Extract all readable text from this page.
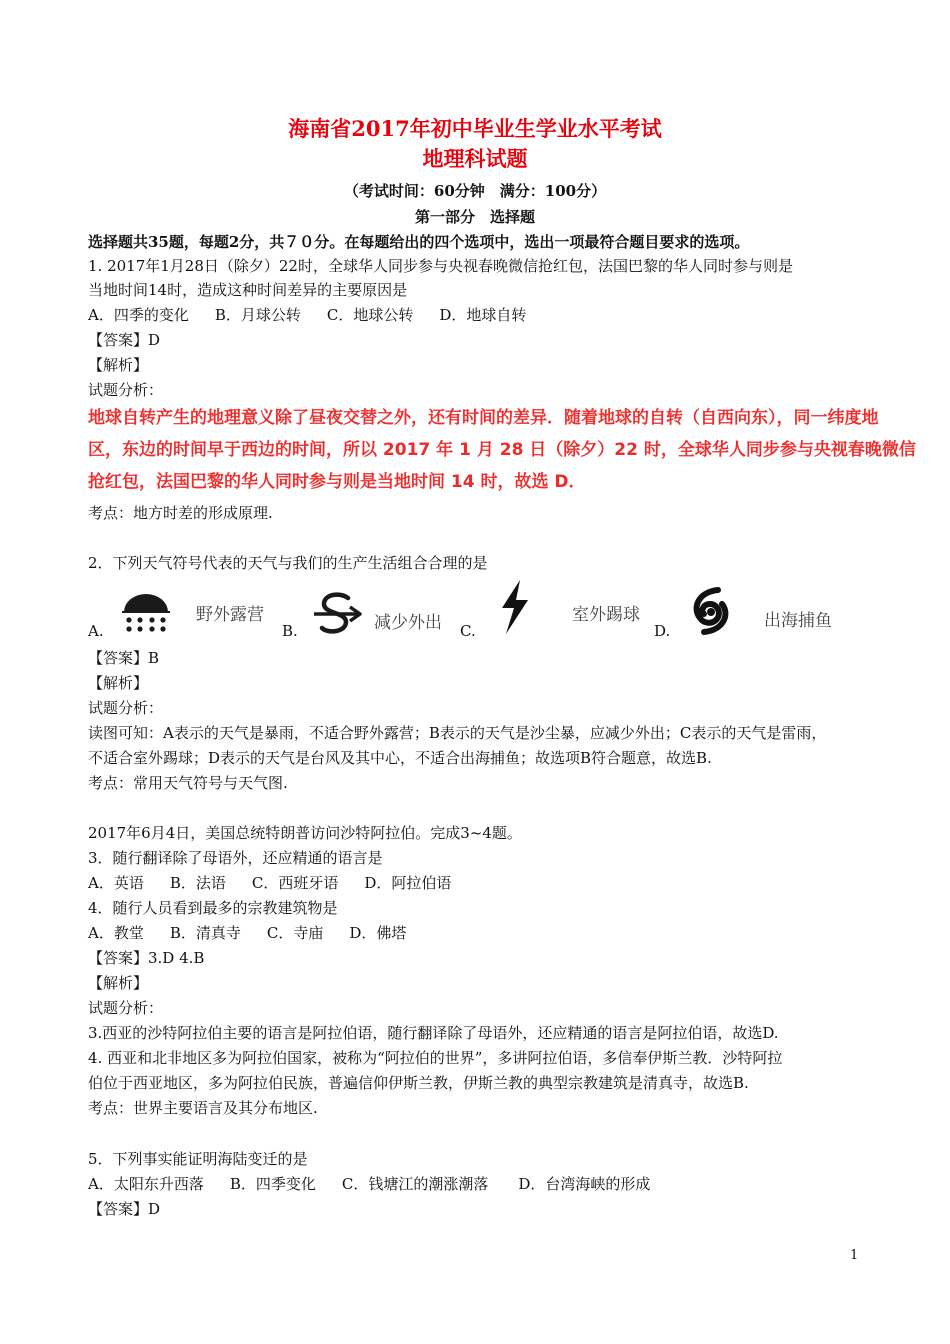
海南省2017年初中毕业生学业水平考试
地理科试题
（考试时间：60分钟　满分：100分）
第一部分　选择题
选择题共35题，每题2分，共７０分。在每题给出的四个选项中，选出一项最符合题目要求的选项。
1. 2017年1月28日（除夕）22时，全球华人同步参与央视春晚微信抢红包，法国巴黎的华人同时参与则是
当地时间14时，造成这种时间差异的主要原因是
A．四季的变化 B．月球公转 C．地球公转 D．地球自转
【答案】D
【解析】
试题分析：
地球自转产生的地理意义除了昼夜交替之外，还有时间的差异．随着地球的自转（自西向东），同一纬度地
区，东边的时间早于西边的时间，所以 2017 年 1 月 28 日（除夕）22 时，全球华人同步参与央视春晚微信
抢红包，法国巴黎的华人同时参与则是当地时间 14 时，故选 D．
考点：地方时差的形成原理.
2．下列天气符号代表的天气与我们的生产生活组合合理的是
A.
野外露营
B.	减少外出 C.
室外踢球
D.	出海捕鱼
【答案】B
【解析】
试题分析：
读图可知：A表示的天气是暴雨，不适合野外露营；B表示的天气是沙尘暴，应减少外出；C表示的天气是雷雨，
不适合室外踢球；D表示的天气是台风及其中心，不适合出海捕鱼；故选项B符合题意，故选B.
考点：常用天气符号与天气图.
2017年6月4日，美国总统特朗普访问沙特阿拉伯。完成3~4题。
3．随行翻译除了母语外，还应精通的语言是
A．英语 B．法语 C．西班牙语 D．阿拉伯语
4．随行人员看到最多的宗教建筑物是
A．教堂 B．清真寺 C．寺庙 D．佛塔
【答案】3.D 4.B
【解析】
试题分析：
3.西亚的沙特阿拉伯主要的语言是阿拉伯语，随行翻译除了母语外，还应精通的语言是阿拉伯语，故选D.
4. 西亚和北非地区多为阿拉伯国家，被称为“阿拉伯的世界”，多讲阿拉伯语，多信奉伊斯兰教．沙特阿拉
伯位于西亚地区，多为阿拉伯民族，普遍信仰伊斯兰教，伊斯兰教的典型宗教建筑是清真寺，故选B.
考点：世界主要语言及其分布地区.
5．下列事实能证明海陆变迁的是
A．太阳东升西落 B．四季变化 C．钱塘江的潮涨潮落 D．台湾海峡的形成
【答案】D
1
